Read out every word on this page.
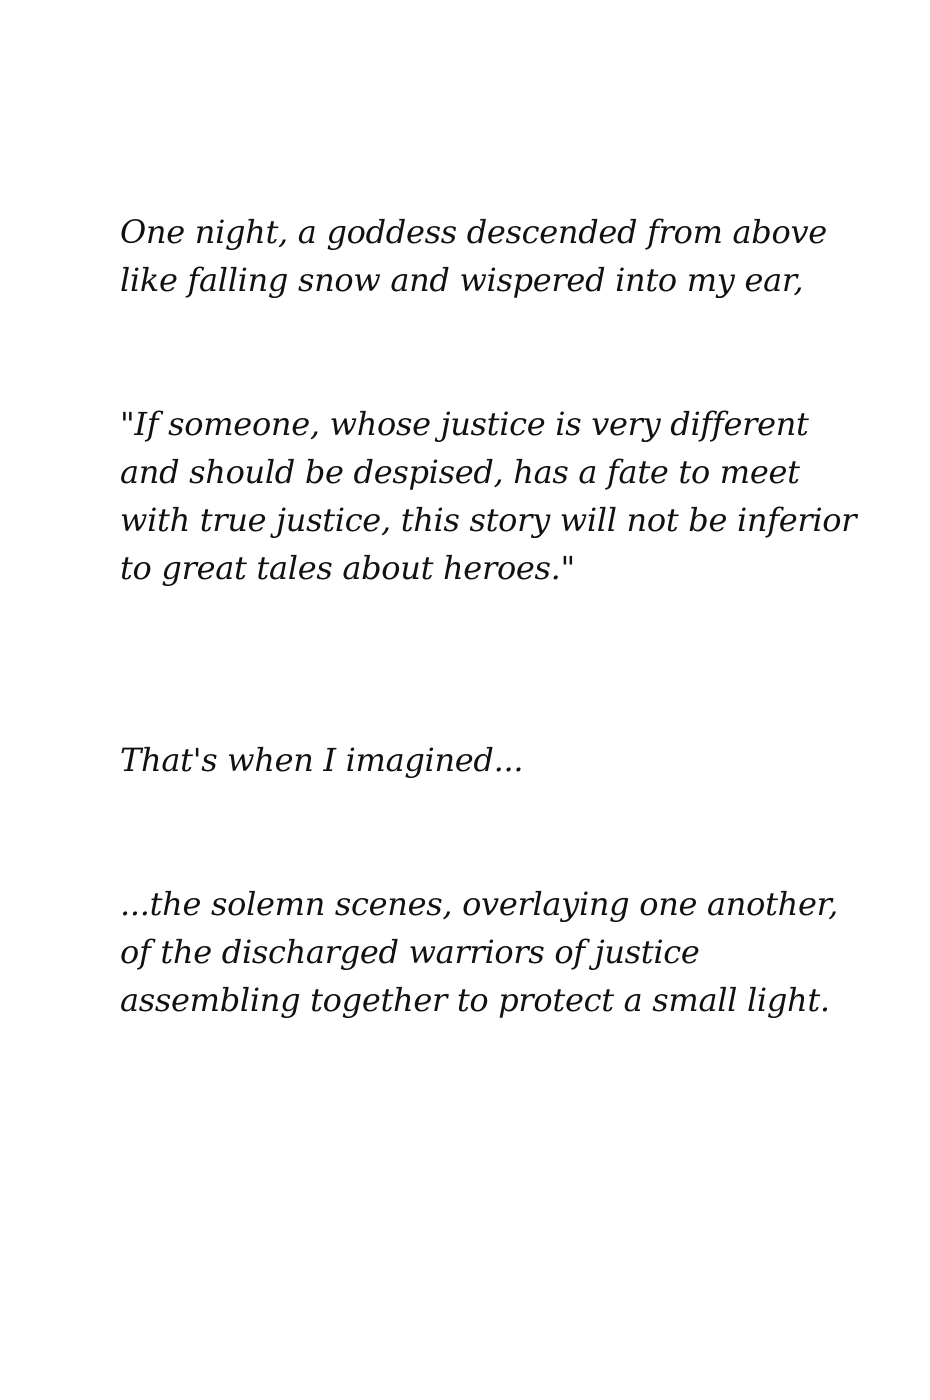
One night, a goddess descended from above
like falling snow and wispered into my ear,

"If someone, whose justice is very different
and should be despised, has a fate to meet
with true justice, this story will not be inferior
to great tales about heroes."

That's when I imagined...

...the solemn scenes, overlaying one another,
of the discharged warriors of justice
assembling together to protect a small light.
